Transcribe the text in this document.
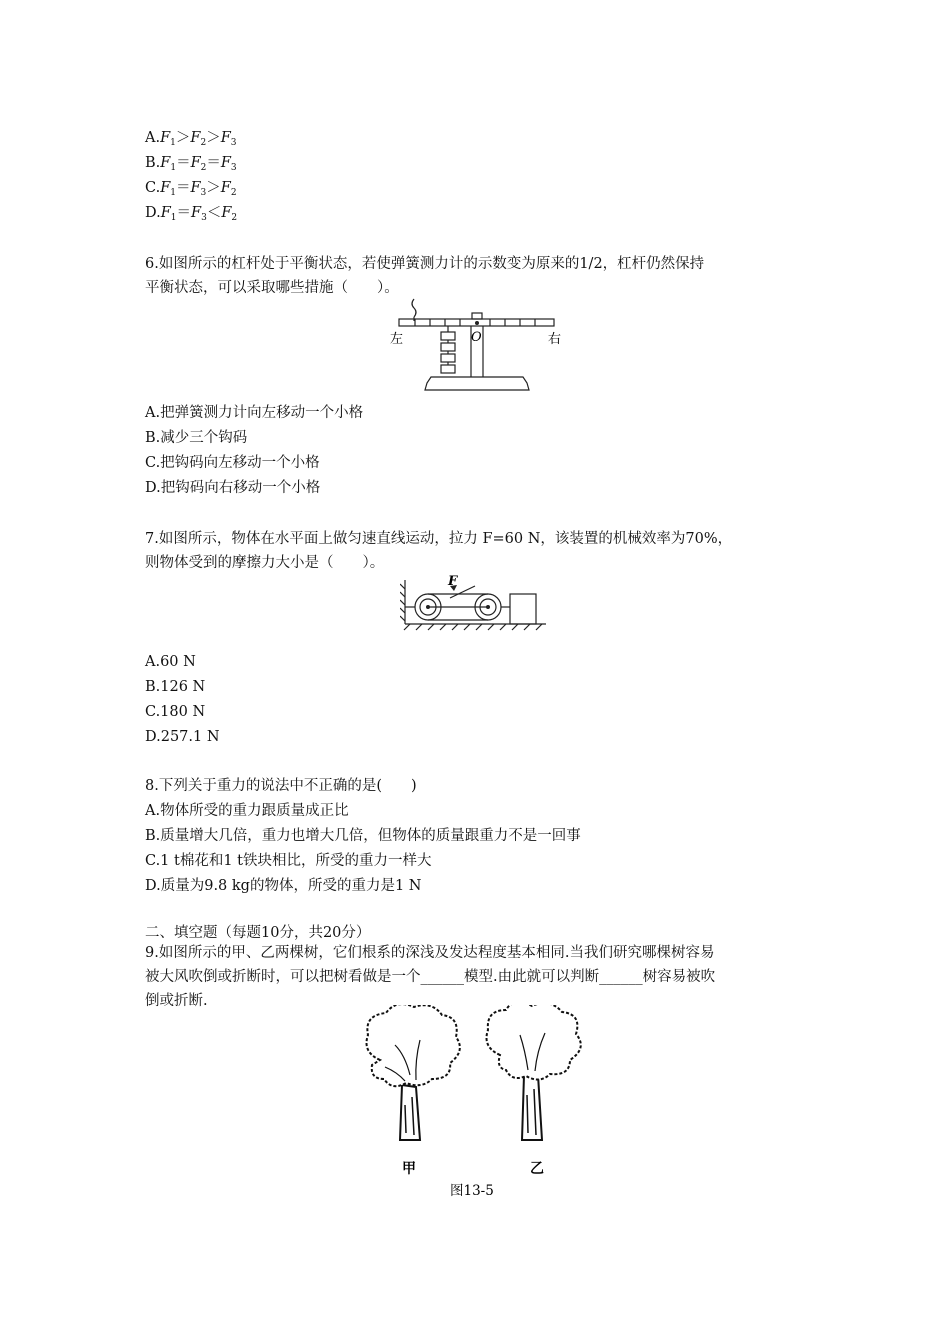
$A.F_1>F_2>F_3$
$B.F_1=F_2=F_3$
$C.F_1=F_3>F_2$
$D.F_1=F_3<F_2$
6.如图所示的杠杆处于平衡状态，若使弹簧测力计的示数变为原来的1/2，杠杆仍然保持
平衡状态，可以采取哪些措施（　　）。
左	O	右
A.把弹簧测力计向左移动一个小格
B.减少三个钩码
C.把钩码向左移动一个小格
D.把钩码向右移动一个小格
7.如图所示，物体在水平面上做匀速直线运动，拉力 F=60 N，该装置的机械效率为70%，
则物体受到的摩擦力大小是（　　）。
F
A.60 N
B.126 N
C.180 N
D.257.1 N
8.下列关于重力的说法中不正确的是(　　)
A.物体所受的重力跟质量成正比
B.质量增大几倍，重力也增大几倍，但物体的质量跟重力不是一回事
C.1 t棉花和1 t铁块相比，所受的重力一样大
D.质量为9.8 kg的物体，所受的重力是1 N
二、填空题（每题10分，共20分）
9.如图所示的甲、乙两棵树，它们根系的深浅及发达程度基本相同.当我们研究哪棵树容易
被大风吹倒或折断时，可以把树看做是一个______模型.由此就可以判断______树容易被吹
倒或折断.
甲	乙
图13-5
